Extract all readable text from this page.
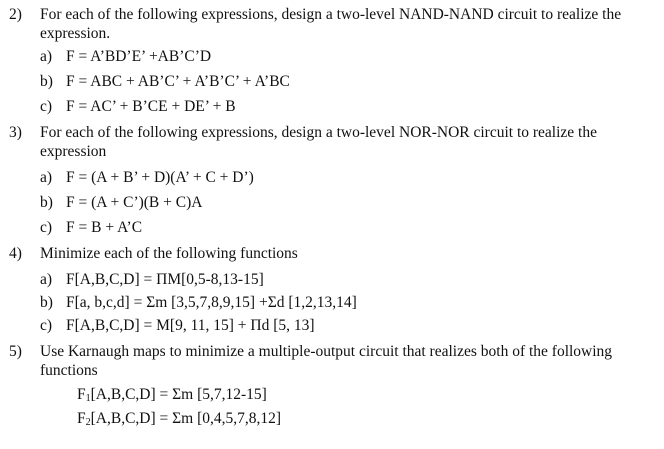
2)	For each of the following expressions, design a two-level NAND-NAND circuit to realize the expression.
a) F = A’BD’E’ +AB’C’D
b) F = ABC + AB’C’ + A’B’C’ + A’BC
c) F = AC’ + B’CE + DE’ + B
3)	For each of the following expressions, design a two-level NOR-NOR circuit to realize the expression
a) F = (A + B’ + D)(A’ + C + D’)
b) F = (A + C’)(B + C)A
c) F = B + A’C
4)	Minimize each of the following functions
a) F[A,B,C,D] = ΠM[0,5-8,13-15]
b) F[a, b,c,d] = Σm [3,5,7,8,9,15] +Σd [1,2,13,14]
c) F[A,B,C,D] = M[9, 11, 15] + Πd [5, 13]
5)	Use Karnaugh maps to minimize a multiple-output circuit that realizes both of the following functions
$F_1[A,B,C,D] = \Sigma m$ [5,7,12-15]
$F_2[A,B,C,D] = \Sigma m$ [0,4,5,7,8,12]
